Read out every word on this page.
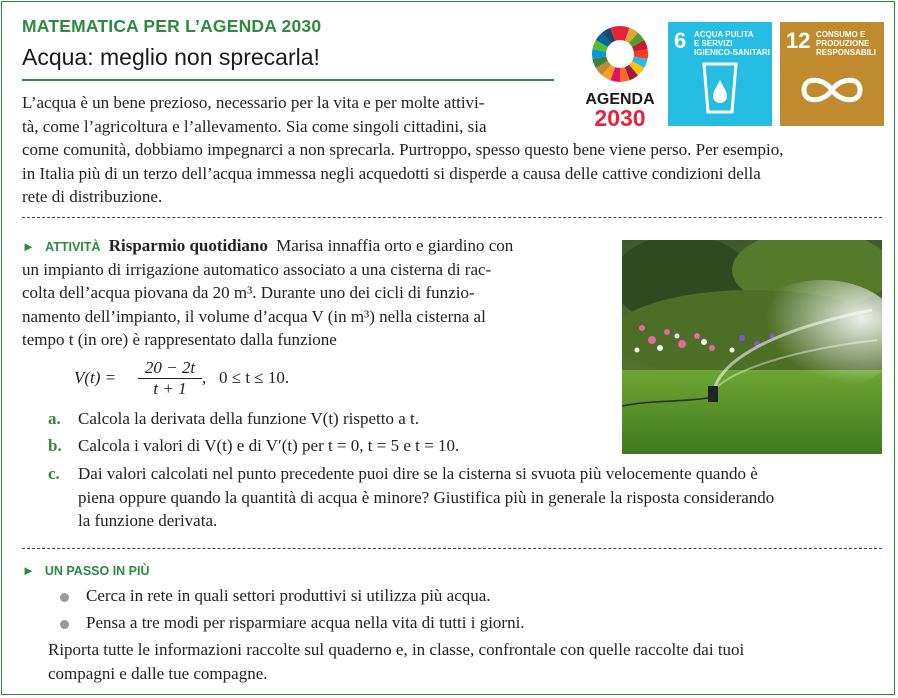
MATEMATICA PER L’AGENDA 2030
Acqua: meglio non sprecarla!
AGENDA
2030
6 ACQUA PULITA
E SERVIZI
IGIENICO-SANITARI 12 CONSUMO E
PRODUZIONE
RESPONSABILI
L’acqua è un bene prezioso, necessario per la vita e per molte attivi-
tà, come l’agricoltura e l’allevamento. Sia come singoli cittadini, sia
come comunità, dobbiamo impegnarci a non sprecarla. Purtroppo, spesso questo bene viene perso. Per esempio,
in Italia più di un terzo dell’acqua immessa negli acquedotti si disperde a causa delle cattive condizioni della
rete di distribuzione.
► ATTIVITÀ Risparmio quotidiano Marisa innaffia orto e giardino con
un impianto di irrigazione automatico associato a una cisterna di rac-
colta dell’acqua piovana da 20 m³. Durante uno dei cicli di funzio-
namento dell’impianto, il volume d’acqua V (in m³) nella cisterna al
tempo t (in ore) è rappresentato dalla funzione
$V(t) = \frac{20 - 2t}{t + 1}$ ,   0 ≤ t ≤ 10.
a. Calcola la derivata della funzione V(t) rispetto a t.
b. Calcola i valori di V(t) e di V′(t) per t = 0, t = 5 e t = 10.
c. Dai valori calcolati nel punto precedente puoi dire se la cisterna si svuota più velocemente quando è
piena oppure quando la quantità di acqua è minore? Giustifica più in generale la risposta considerando
la funzione derivata.
► UN PASSO IN PIÙ
Cerca in rete in quali settori produttivi si utilizza più acqua.
Pensa a tre modi per risparmiare acqua nella vita di tutti i giorni.
Riporta tutte le informazioni raccolte sul quaderno e, in classe, confrontale con quelle raccolte dai tuoi
compagni e dalle tue compagne.
